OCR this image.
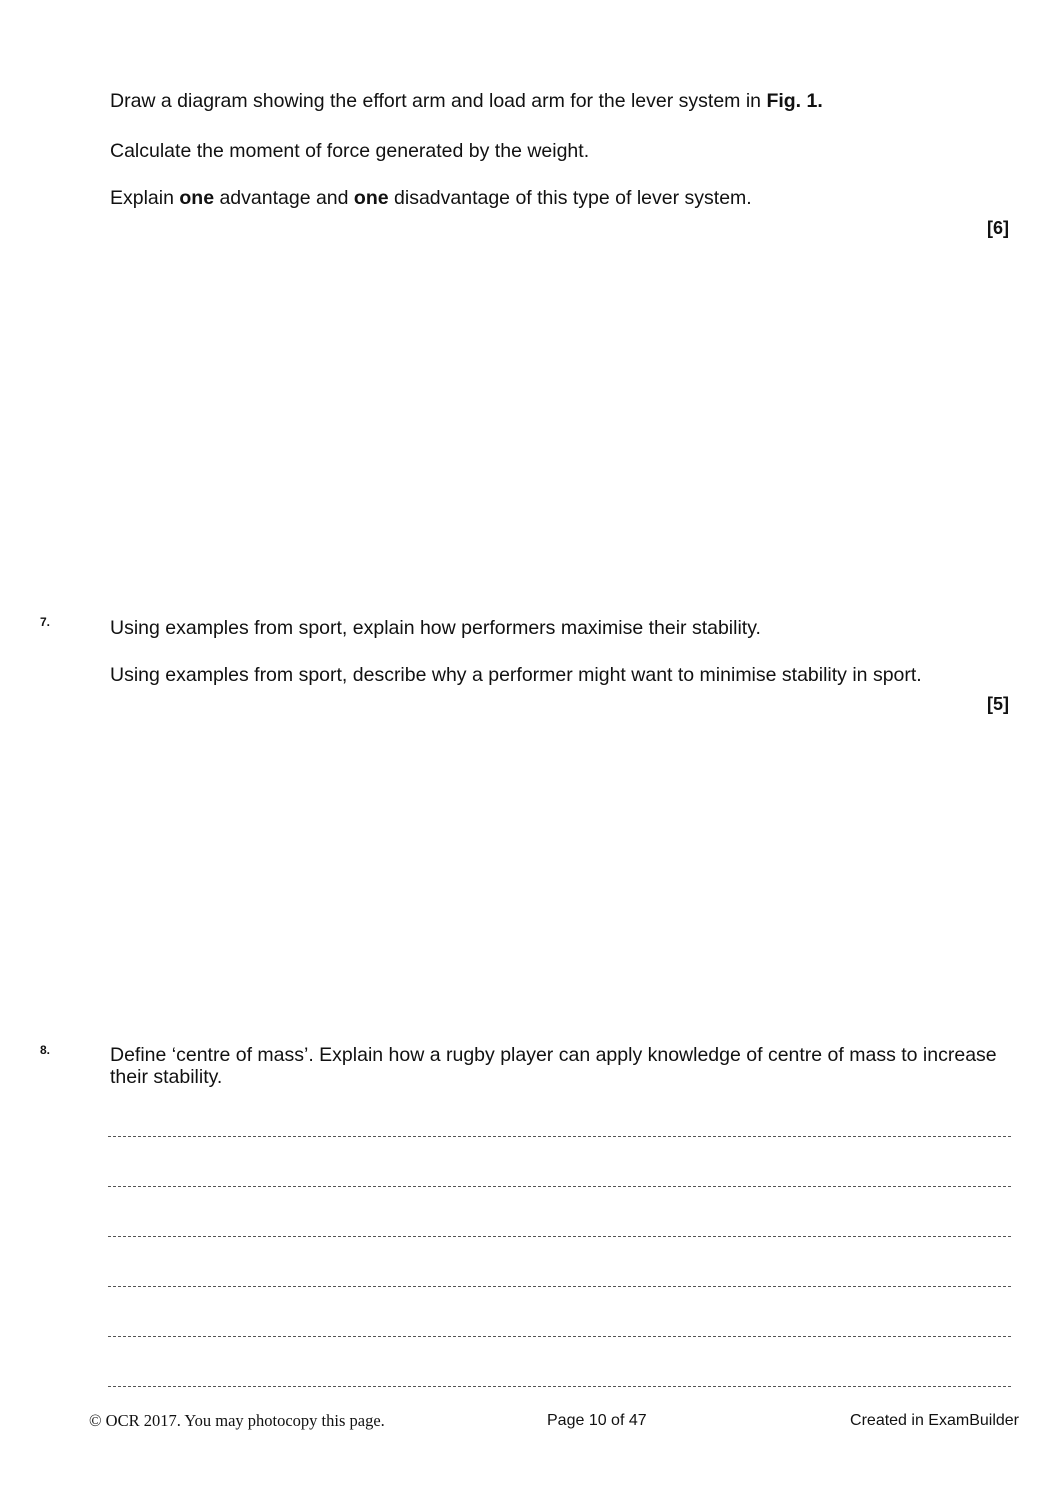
Draw a diagram showing the effort arm and load arm for the lever system in Fig. 1.
Calculate the moment of force generated by the weight.
Explain one advantage and one disadvantage of this type of lever system.
[6]
7.	Using examples from sport, explain how performers maximise their stability.
Using examples from sport, describe why a performer might want to minimise stability in sport.
[5]
8.	Define ‘centre of mass’. Explain how a rugby player can apply knowledge of centre of mass to increase their stability.
© OCR 2017. You may photocopy this page.	Page 10 of 47	Created in ExamBuilder
